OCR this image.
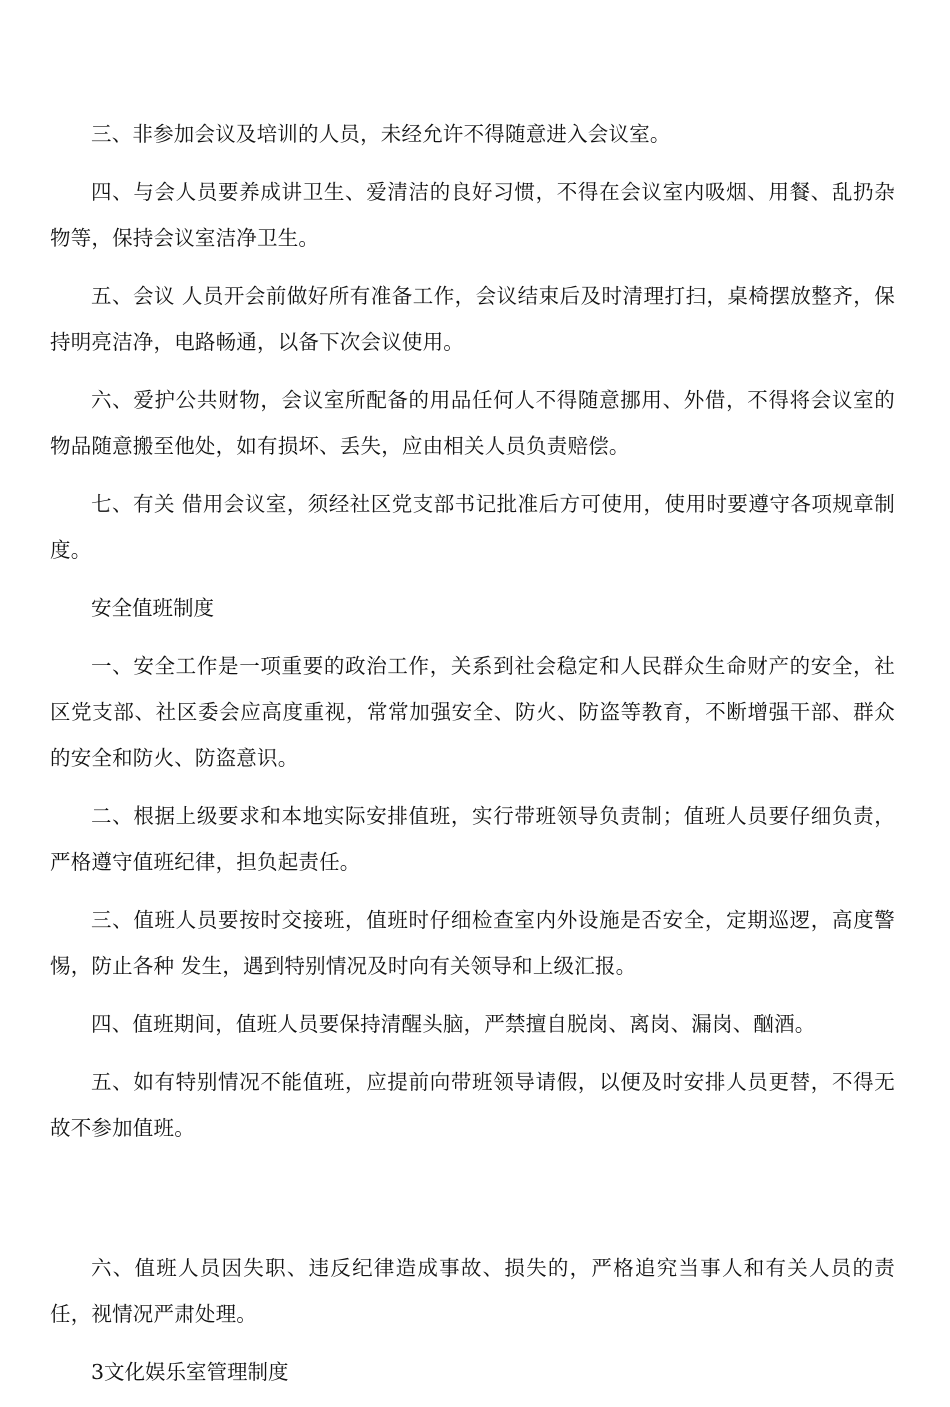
三、非参加会议及培训的人员，未经允许不得随意进入会议室。

四、与会人员要养成讲卫生、爱清洁的良好习惯，不得在会议室内吸烟、用餐、乱扔杂物等，保持会议室洁净卫生。

五、会议 人员开会前做好所有准备工作，会议结束后及时清理打扫，桌椅摆放整齐，保持明亮洁净，电路畅通，以备下次会议使用。

六、爱护公共财物，会议室所配备的用品任何人不得随意挪用、外借，不得将会议室的物品随意搬至他处，如有损坏、丢失，应由相关人员负责赔偿。

七、有关 借用会议室，须经社区党支部书记批准后方可使用，使用时要遵守各项规章制度。

安全值班制度

一、安全工作是一项重要的政治工作，关系到社会稳定和人民群众生命财产的安全，社区党支部、社区委会应高度重视，常常加强安全、防火、防盗等教育，不断增强干部、群众的安全和防火、防盗意识。

二、根据上级要求和本地实际安排值班，实行带班领导负责制；值班人员要仔细负责，严格遵守值班纪律，担负起责任。

三、值班人员要按时交接班，值班时仔细检查室内外设施是否安全，定期巡逻，高度警惕，防止各种 发生，遇到特别情况及时向有关领导和上级汇报。

四、值班期间，值班人员要保持清醒头脑，严禁擅自脱岗、离岗、漏岗、酗酒。

五、如有特别情况不能值班，应提前向带班领导请假，以便及时安排人员更替，不得无故不参加值班。

六、值班人员因失职、违反纪律造成事故、损失的，严格追究当事人和有关人员的责任，视情况严肃处理。

3文化娱乐室管理制度
